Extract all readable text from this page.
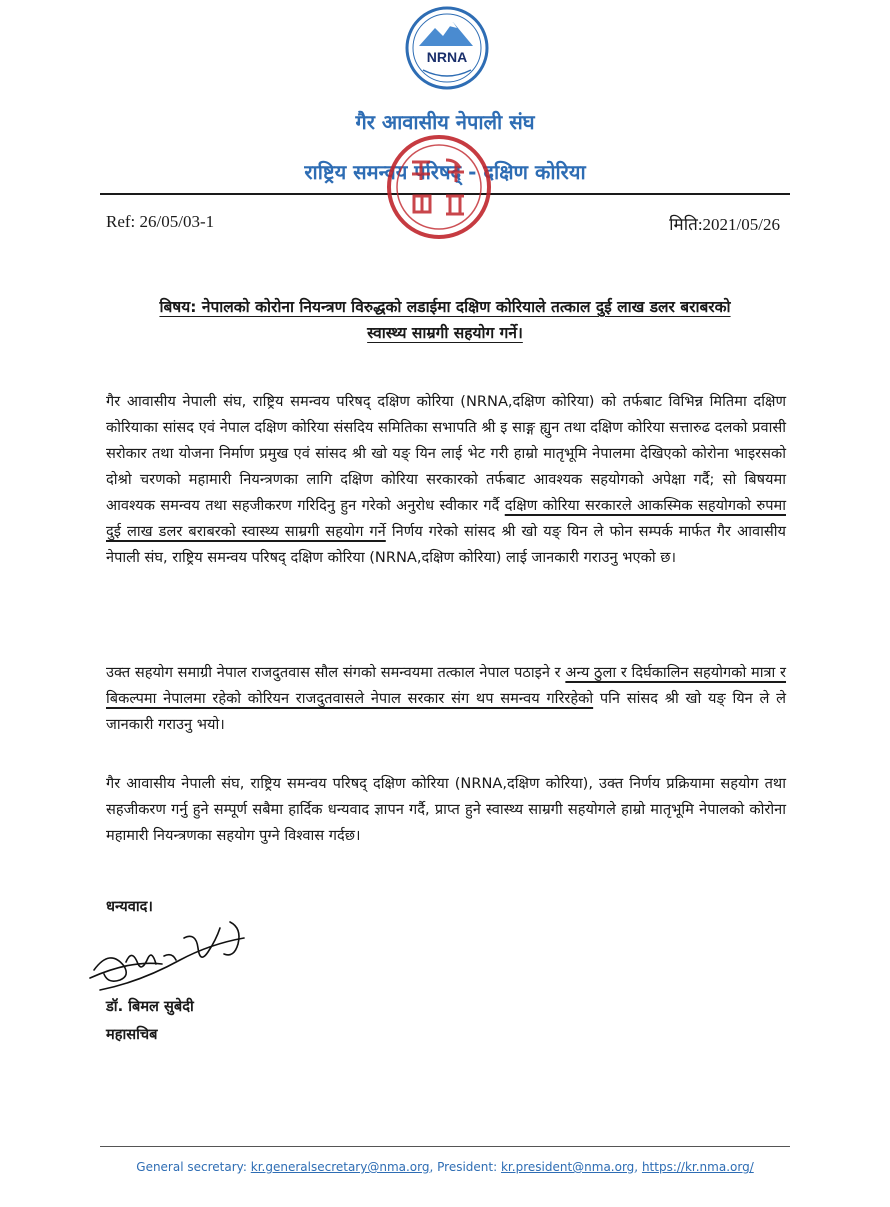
NRNA
गैर आवासीय नेपाली संघ
राष्ट्रिय समन्वय परिषद् - दक्षिण कोरिया
Ref: 26/05/03-1	मिति:2021/05/26
बिषय: नेपालको कोरोना नियन्त्रण विरुद्धको लडाईमा दक्षिण कोरियाले तत्काल दुई लाख डलर बराबरको
स्वास्थ्य साम्रगी सहयोग गर्ने।

गैर आवासीय नेपाली संघ, राष्ट्रिय समन्वय परिषद् दक्षिण कोरिया (NRNA,दक्षिण कोरिया) को तर्फबाट विभिन्न मितिमा दक्षिण कोरियाका सांसद एवं नेपाल दक्षिण कोरिया संसदिय समितिका सभापति श्री इ साङ्ग ह्युन तथा दक्षिण कोरिया सत्तारुढ दलको प्रवासी सरोकार तथा योजना निर्माण प्रमुख एवं सांसद श्री खो यङ् यिन लाई भेट गरी हाम्रो मातृभूमि नेपालमा देखिएको कोरोना भाइरसको दोश्रो चरणको महामारी नियन्त्रणका लागि दक्षिण कोरिया सरकारको तर्फबाट आवश्यक सहयोगको अपेक्षा गर्दै; सो बिषयमा आवश्यक समन्वय तथा सहजीकरण गरिदिनु हुन गरेको अनुरोध स्वीकार गर्दै दक्षिण कोरिया सरकारले आकस्मिक सहयोगको रुपमा दुई लाख डलर बराबरको स्वास्थ्य साम्रगी सहयोग गर्ने निर्णय गरेको सांसद श्री खो यङ् यिन ले फोन सम्पर्क मार्फत गैर आवासीय नेपाली संघ, राष्ट्रिय समन्वय परिषद् दक्षिण कोरिया (NRNA,दक्षिण कोरिया) लाई जानकारी गराउनु भएको छ।

उक्त सहयोग समाग्री नेपाल राजदुतवास सौल संगको समन्वयमा तत्काल नेपाल पठाइने र अन्य ठुला र दिर्घकालिन सहयोगको मात्रा र बिकल्पमा नेपालमा रहेको कोरियन राजदुतवासले नेपाल सरकार संग थप समन्वय गरिरहेको पनि सांसद श्री खो यङ् यिन ले ले जानकारी गराउनु भयो।

गैर आवासीय नेपाली संघ, राष्ट्रिय समन्वय परिषद् दक्षिण कोरिया (NRNA,दक्षिण कोरिया), उक्त निर्णय प्रक्रियामा सहयोग तथा सहजीकरण गर्नु हुने सम्पूर्ण सबैमा हार्दिक धन्यवाद ज्ञापन गर्दै, प्राप्त हुने स्वास्थ्य साम्रगी सहयोगले हाम्रो मातृभूमि नेपालको कोरोना महामारी नियन्त्रणका सहयोग पुग्ने विश्वास गर्दछ।

धन्यवाद।
डॉ. बिमल सुबेदी
महासचिब
General secretary: kr.generalsecretary@nma.org, President: kr.president@nma.org, https://kr.nma.org/
